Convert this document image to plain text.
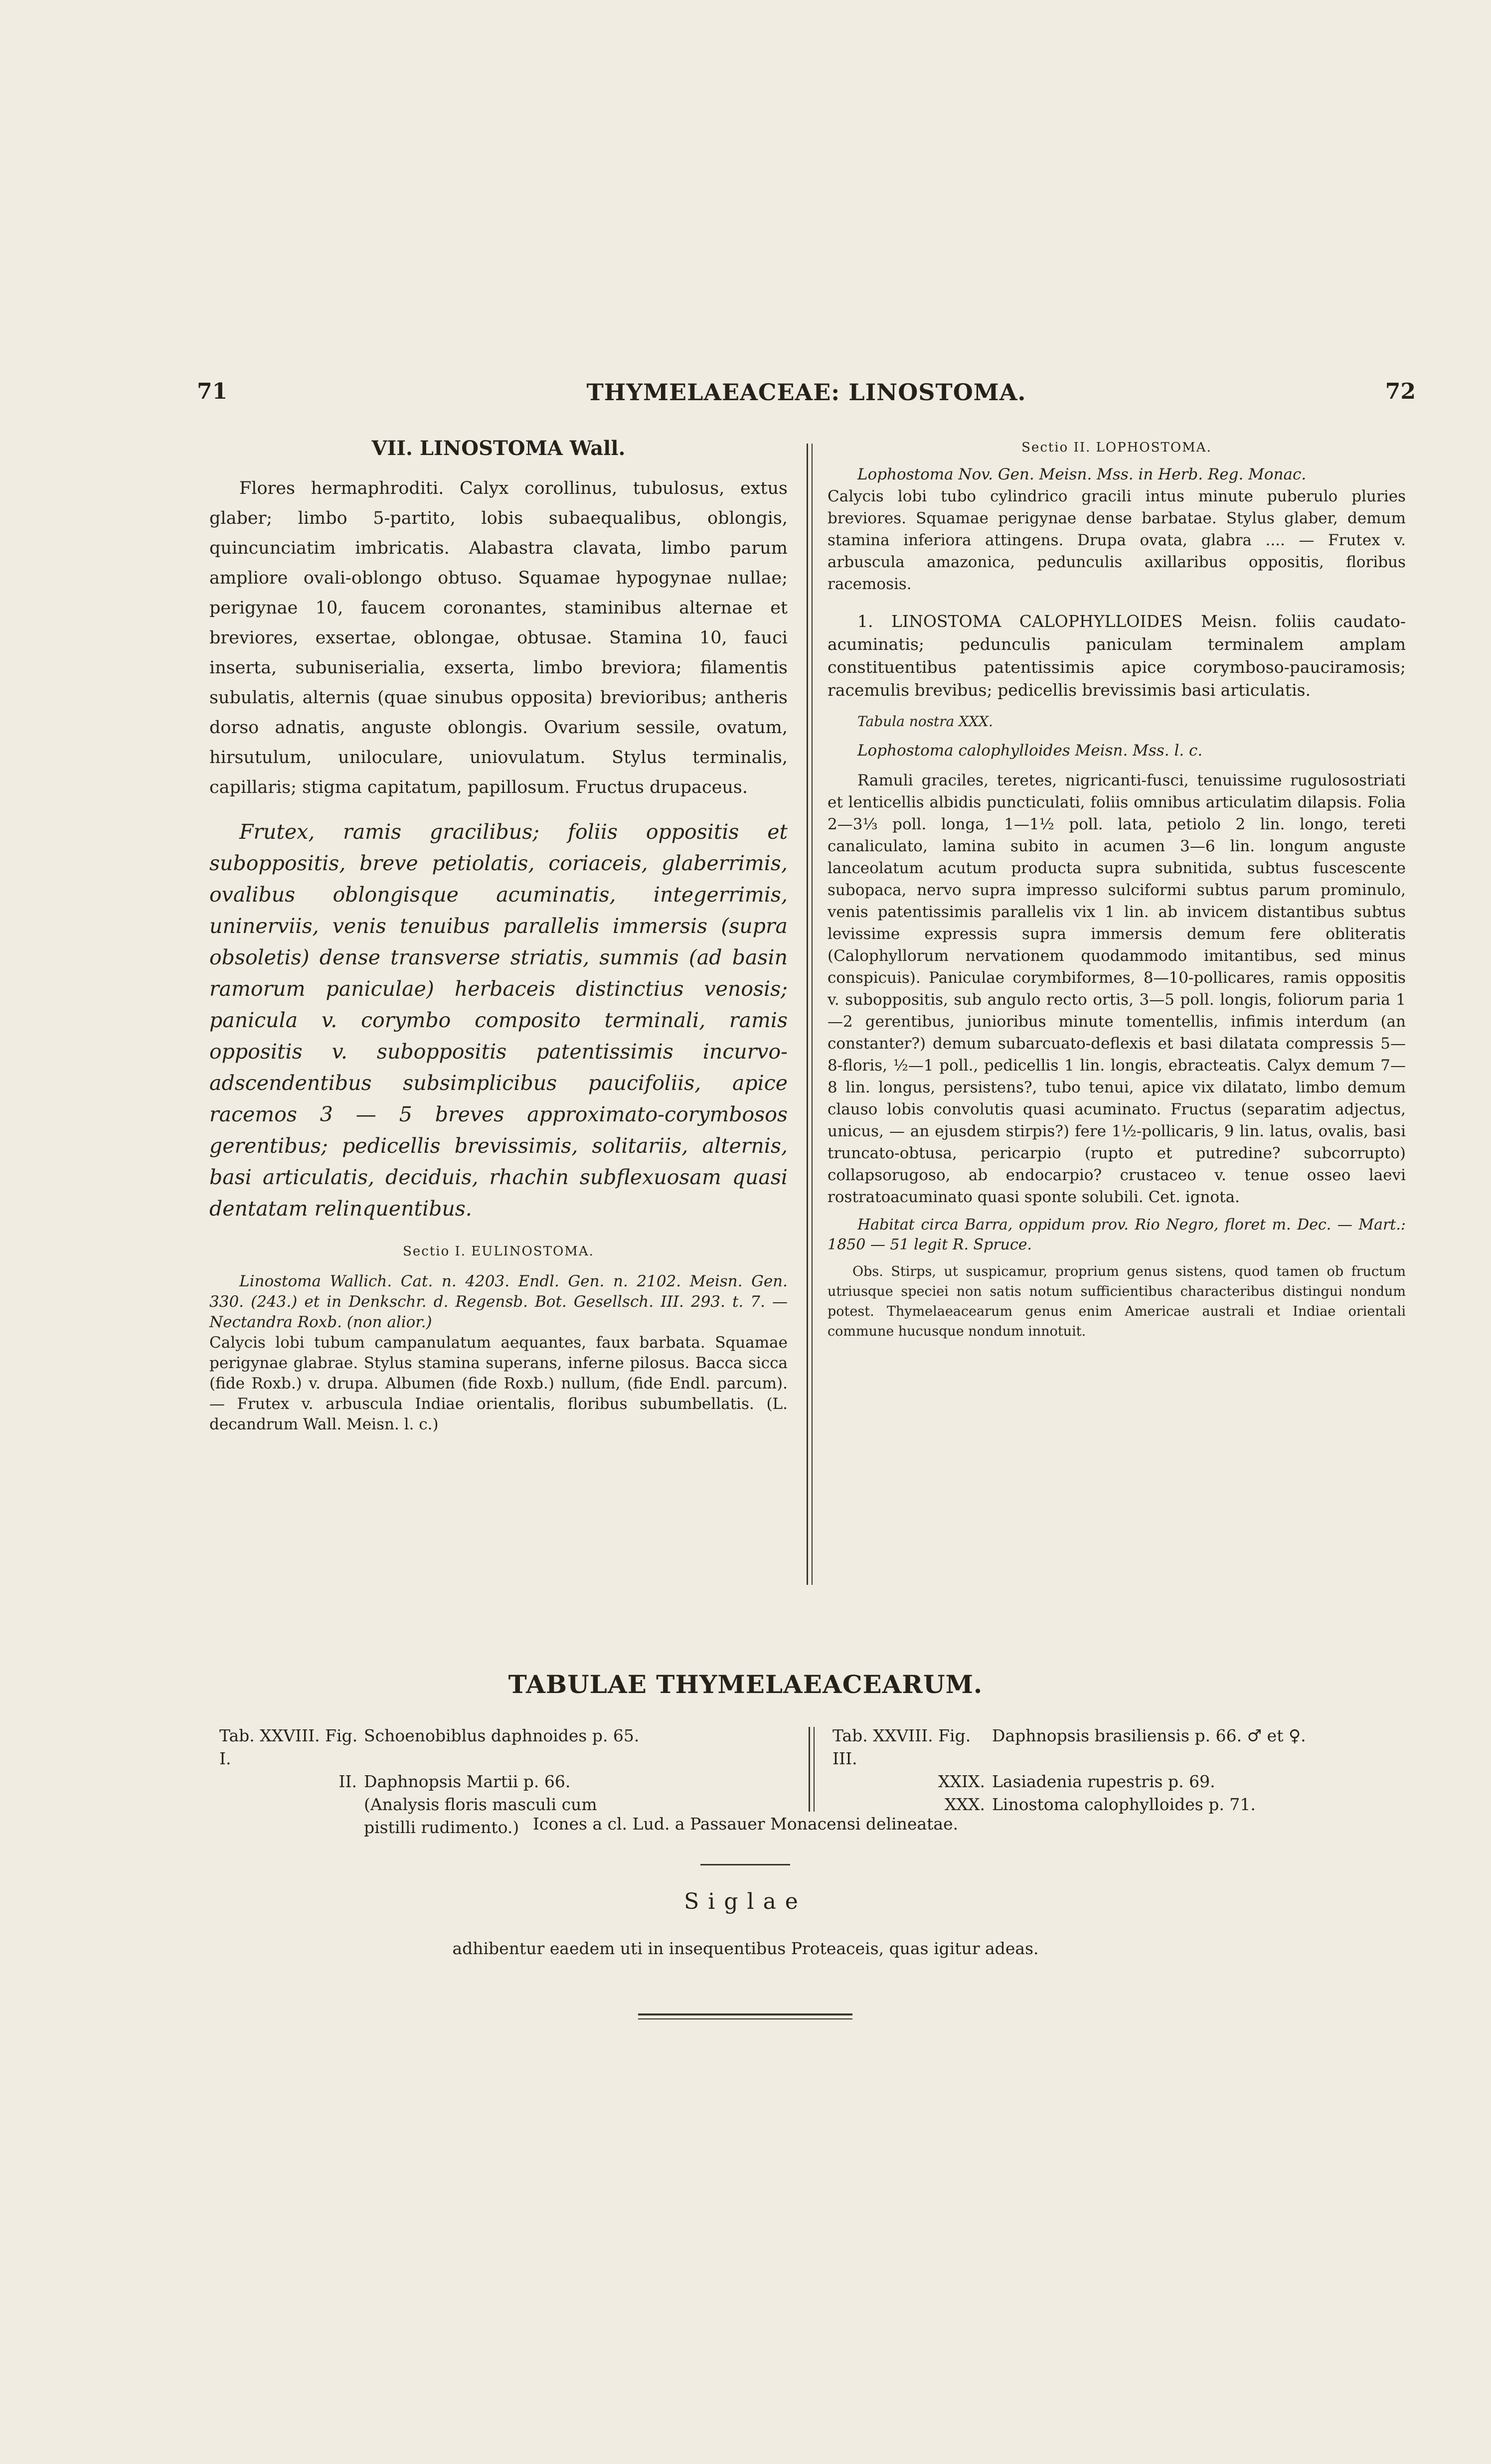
71	THYMELAEACEAE: LINOSTOMA.	72
VII. LINOSTOMA Wall.

Flores hermaphroditi. Calyx corollinus, tubulosus, extus glaber; limbo 5-partito, lobis subaequalibus, oblongis, quincunciatim imbricatis. Alabastra clavata, limbo parum ampliore ovali-oblongo obtuso. Squamae hypogynae nullae; perigynae 10, faucem coronantes, staminibus alternae et breviores, exsertae, oblongae, obtusae. Stamina 10, fauci inserta, subuniserialia, exserta, limbo breviora; filamentis subulatis, alternis (quae sinubus opposita) brevioribus; antheris dorso adnatis, anguste oblongis. Ovarium sessile, ovatum, hirsutulum, uniloculare, uniovulatum. Stylus terminalis, capillaris; stigma capitatum, papillosum. Fructus drupaceus.

Frutex, ramis gracilibus; foliis oppositis et suboppositis, breve petiolatis, coriaceis, glaberrimis, ovalibus oblongisque acuminatis, integerrimis, uninerviis, venis tenuibus parallelis immersis (supra obsoletis) dense transverse striatis, summis (ad basin ramorum paniculae) herbaceis distinctius venosis; panicula v. corymbo composito terminali, ramis oppositis v. suboppositis patentissimis incurvo-adscendentibus subsimplicibus paucifoliis, apice racemos 3 — 5 breves approximato-corymbosos gerentibus; pedicellis brevissimis, solitariis, alternis, basi articulatis, deciduis, rhachin subflexuosam quasi dentatam relinquentibus.

Sectio I. EULINOSTOMA.

Linostoma Wallich. Cat. n. 4203. Endl. Gen. n. 2102. Meisn. Gen. 330. (243.) et in Denkschr. d. Regensb. Bot. Gesellsch. III. 293. t. 7. — Nectandra Roxb. (non alior.)

Calycis lobi tubum campanulatum aequantes, faux barbata. Squamae perigynae glabrae. Stylus stamina superans, inferne pilosus. Bacca sicca (fide Roxb.) v. drupa. Albumen (fide Roxb.) nullum, (fide Endl. parcum). — Frutex v. arbuscula Indiae orientalis, floribus subumbellatis. (L. decandrum Wall. Meisn. l. c.)

Sectio II. LOPHOSTOMA.

Lophostoma Nov. Gen. Meisn. Mss. in Herb. Reg. Monac.

Calycis lobi tubo cylindrico gracili intus minute puberulo pluries breviores. Squamae perigynae dense barbatae. Stylus glaber, demum stamina inferiora attingens. Drupa ovata, glabra .... — Frutex v. arbuscula amazonica, pedunculis axillaribus oppositis, floribus racemosis.

1. LINOSTOMA CALOPHYLLOIDES Meisn. foliis caudato-acuminatis; pedunculis paniculam terminalem amplam constituentibus patentissimis apice corymboso-pauciramosis; racemulis brevibus; pedicellis brevissimis basi articulatis.

Tabula nostra XXX.

Lophostoma calophylloides Meisn. Mss. l. c.

Ramuli graciles, teretes, nigricanti-fusci, tenuissime rugulosostriati et lenticellis albidis puncticulati, foliis omnibus articulatim dilapsis. Folia 2—3⅓ poll. longa, 1—1½ poll. lata, petiolo 2 lin. longo, tereti canaliculato, lamina subito in acumen 3—6 lin. longum anguste lanceolatum acutum producta supra subnitida, subtus fuscescente subopaca, nervo supra impresso sulciformi subtus parum prominulo, venis patentissimis parallelis vix 1 lin. ab invicem distantibus subtus levissime expressis supra immersis demum fere obliteratis (Calophyllorum nervationem quodammodo imitantibus, sed minus conspicuis). Paniculae corymbiformes, 8—10-pollicares, ramis oppositis v. suboppositis, sub angulo recto ortis, 3—5 poll. longis, foliorum paria 1—2 gerentibus, junioribus minute tomentellis, infimis interdum (an constanter?) demum subarcuato-deflexis et basi dilatata compressis 5—8-floris, ½—1 poll., pedicellis 1 lin. longis, ebracteatis. Calyx demum 7—8 lin. longus, persistens?, tubo tenui, apice vix dilatato, limbo demum clauso lobis convolutis quasi acuminato. Fructus (separatim adjectus, unicus, — an ejusdem stirpis?) fere 1½-pollicaris, 9 lin. latus, ovalis, basi truncato-obtusa, pericarpio (rupto et putredine? subcorrupto) collapsorugoso, ab endocarpio? crustaceo v. tenue osseo laevi rostratoacuminato quasi sponte solubili. Cet. ignota.

Habitat circa Barra, oppidum prov. Rio Negro, floret m. Dec. — Mart.: 1850 — 51 legit R. Spruce.

Obs. Stirps, ut suspicamur, proprium genus sistens, quod tamen ob fructum utriusque speciei non satis notum sufficientibus characteribus distingui nondum potest. Thymelaeacearum genus enim Americae australi et Indiae orientali commune hucusque nondum innotuit.

TABULAE THYMELAEACEARUM.
Tab. XXVIII. Fig. I.
Schoenobiblus daphnoides p. 65.
II. Daphnopsis Martii p. 66. (Analysis floris masculi cum pistilli rudimento.)
Tab. XXVIII. Fig. III.
Daphnopsis brasiliensis p. 66. ♂ et ♀.
XXIX. Lasiadenia rupestris p. 69.
XXX. Linostoma calophylloides p. 71.
Icones a cl. Lud. a Passauer Monacensi delineatae.
Siglae
adhibentur eaedem uti in insequentibus Proteaceis, quas igitur adeas.
